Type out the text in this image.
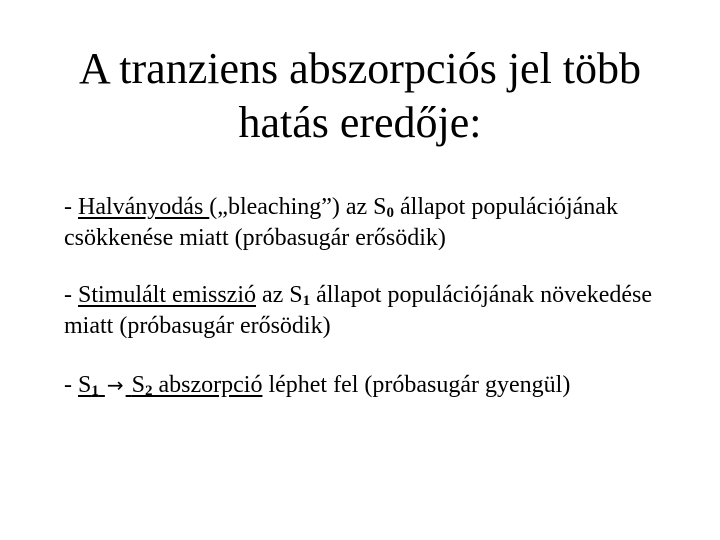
A tranziens abszorpciós jel több
hatás eredője:

- Halványodás („bleaching”) az $S_0$ állapot populációjának csökkenése miatt (próbasugár erősödik)

- Stimulált emisszió az $S_1$ állapot populációjának növekedése miatt (próbasugár erősödik)

- $S_1 \to S_2$ abszorpció léphet fel (próbasugár gyengül)
